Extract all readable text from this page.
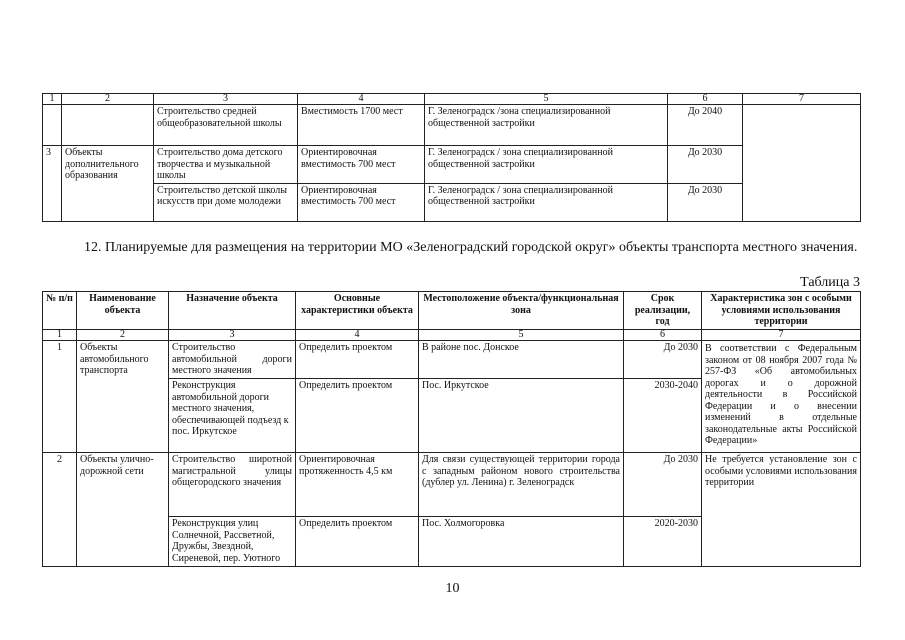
1	2	3	4	5	6	7
		Строительство средней общеобразовательной школы	Вместимость 1700 мест	Г. Зеленоградск /зона специализированной общественной застройки	До 2040	
3	Объекты дополнительного образования	Строительство дома детского творчества и музыкальной школы	Ориентировочная вместимость 700 мест	Г. Зеленоградск / зона специализированной общественной застройки	До 2030	
		Строительство детской школы искусств при доме молодежи	Ориентировочная вместимость 700 мест	Г. Зеленоградск / зона специализированной общественной застройки	До 2030	
12. Планируемые для размещения на территории МО «Зеленоградский городской округ» объекты транспорта местного значения.
Таблица 3
№ п/п	Наименование объекта	Назначение объекта	Основные характеристики объекта	Местоположение объекта/функциональная зона	Срок реализации, год	Характеристика зон с особыми условиями использования территории
1	2	3	4	5	6	7
1	Объекты автомобильного транспорта	Строительство автомобильной дороги местного значения	Определить проектом	В районе пос. Донское	До 2030	В соответствии с Федеральным законом от 08 ноября 2007 года № 257-ФЗ «Об автомобильных дорогах и о дорожной деятельности в Российской Федерации и о внесении изменений в отдельные законодательные акты Российской Федерации»
		Реконструкция автомобильной дороги местного значения, обеспечивающей подъезд к пос. Иркутское	Определить проектом	Пос. Иркутское	2030-2040	
2	Объекты улично-дорожной сети	Строительство широтной магистральной улицы общегородского значения	Ориентировочная протяженность 4,5 км	Для связи существующей территории города с западным районом нового строительства (дублер ул. Ленина) г. Зеленоградск	До 2030	Не требуется установление зон с особыми условиями использования территории
		Реконструкция улиц Солнечной, Рассветной, Дружбы, Звездной, Сиреневой, пер. Уютного	Определить проектом	Пос. Холмогоровка	2020-2030	
10
